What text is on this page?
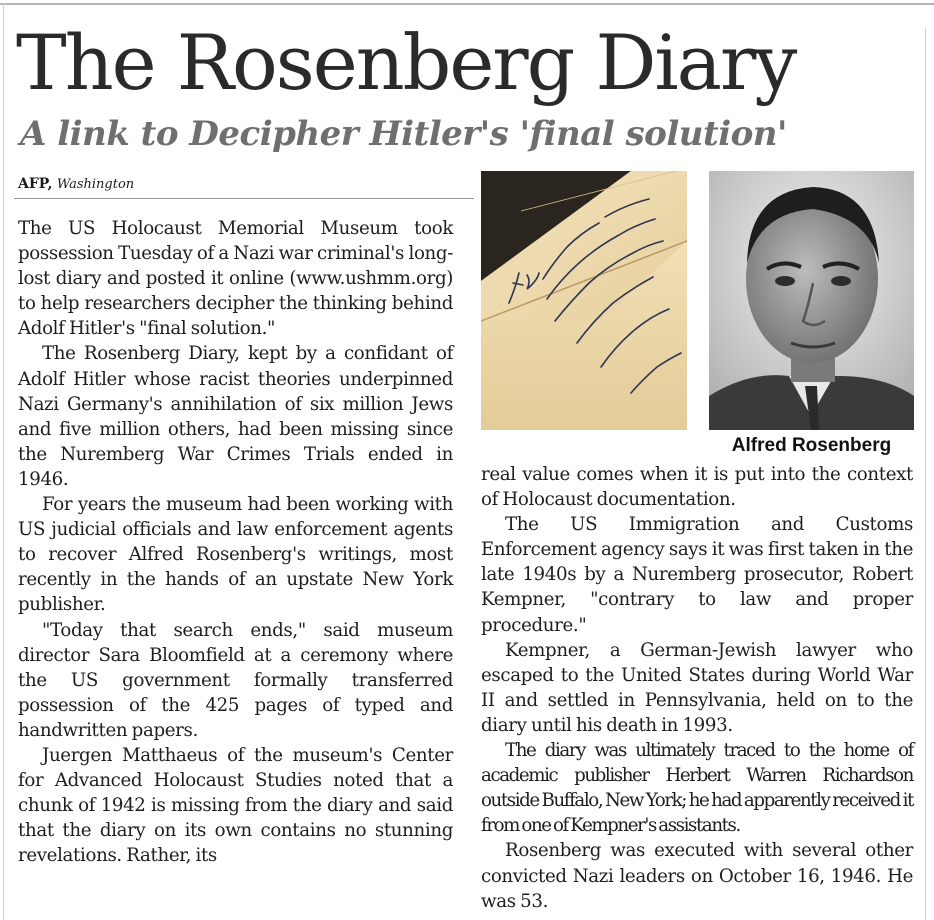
The Rosenberg Diary
A link to Decipher Hitler's 'final solution'
AFP, Washington

The US Holocaust Memorial Museum took possession Tuesday of a Nazi war criminal's long-lost diary and posted it online (www.ushmm.org) to help researchers decipher the thinking behind Adolf Hitler's "final solution."

The Rosenberg Diary, kept by a confidant of Adolf Hitler whose racist theories underpinned Nazi Germany's annihilation of six million Jews and five million others, had been missing since the Nuremberg War Crimes Trials ended in 1946.

For years the museum had been working with US judicial officials and law enforcement agents to recover Alfred Rosenberg's writings, most recently in the hands of an upstate New York publisher.

"Today that search ends," said museum director Sara Bloomfield at a ceremony where the US government formally transferred possession of the 425 pages of typed and handwritten papers.

Juergen Matthaeus of the museum's Center for Advanced Holocaust Studies noted that a chunk of 1942 is missing from the diary and said that the diary on its own contains no stunning revelations. Rather, its

Alfred Rosenberg

real value comes when it is put into the context of Holocaust documentation.

The US Immigration and Customs Enforcement agency says it was first taken in the late 1940s by a Nuremberg prosecutor, Robert Kempner, "contrary to law and proper procedure."

Kempner, a German-Jewish lawyer who escaped to the United States during World War II and settled in Pennsylvania, held on to the diary until his death in 1993.

The diary was ultimately traced to the home of academic publisher Herbert Warren Richardson outside Buffalo, New York; he had apparently received it from one of Kempner's assistants.

Rosenberg was executed with several other convicted Nazi leaders on October 16, 1946. He was 53.
